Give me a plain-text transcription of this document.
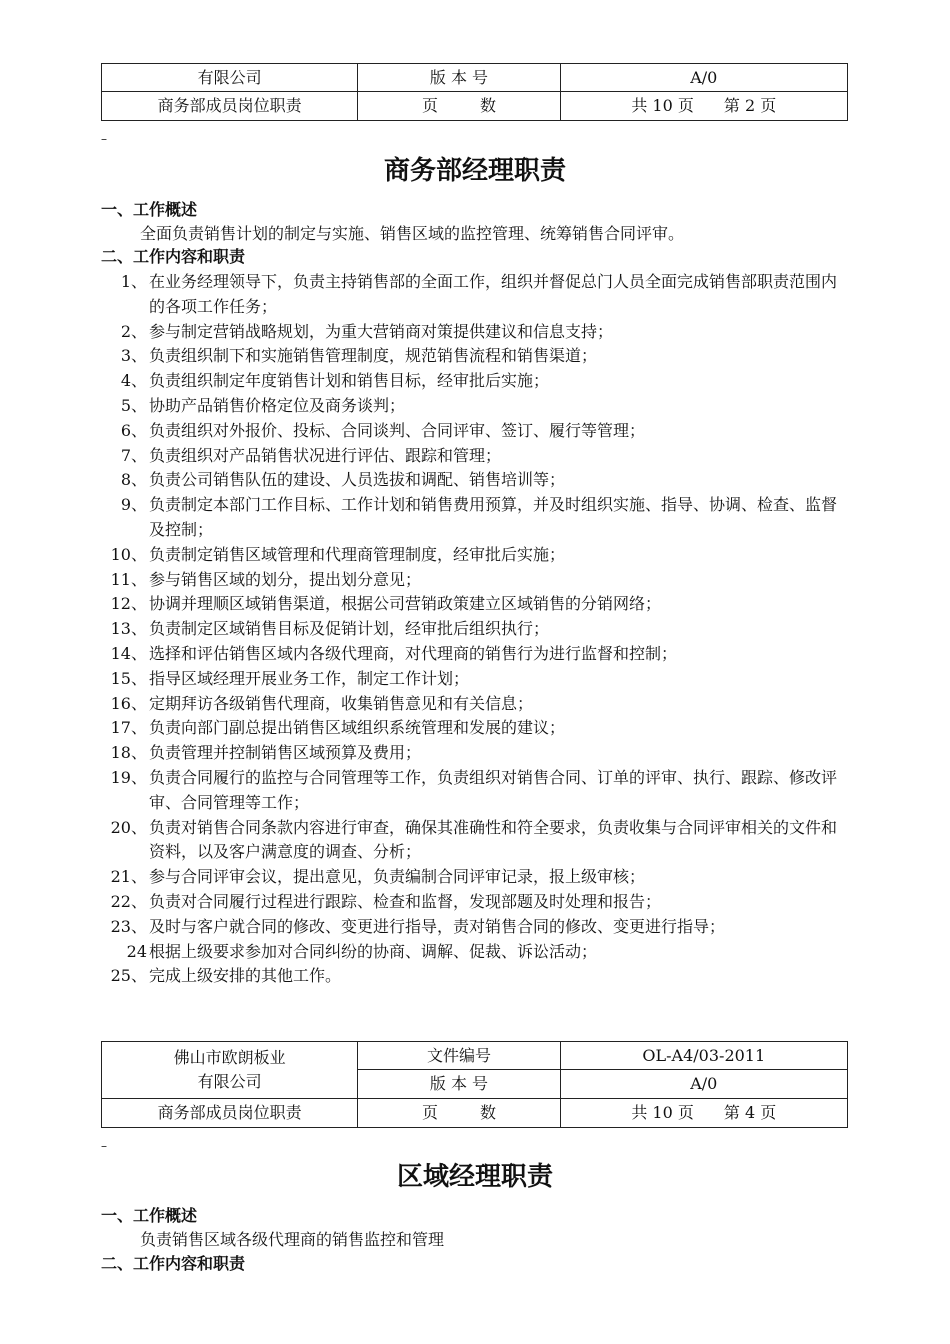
有限公司	版 本 号	A/0
商务部成员岗位职责	页 数	共 10 页 第 2 页
–
商务部经理职责
一、工作概述
全面负责销售计划的制定与实施、销售区域的监控管理、统筹销售合同评审。
二、工作内容和职责
1、 在业务经理领导下，负责主持销售部的全面工作，组织并督促总门人员全面完成销售部职责范围内的各项工作任务；
2、 参与制定营销战略规划，为重大营销商对策提供建议和信息支持；
3、 负责组织制下和实施销售管理制度，规范销售流程和销售渠道；
4、 负责组织制定年度销售计划和销售目标，经审批后实施；
5、 协助产品销售价格定位及商务谈判；
6、 负责组织对外报价、投标、合同谈判、合同评审、签订、履行等管理；
7、 负责组织对产品销售状况进行评估、跟踪和管理；
8、 负责公司销售队伍的建设、人员选拔和调配、销售培训等；
9、 负责制定本部门工作目标、工作计划和销售费用预算，并及时组织实施、指导、协调、检查、监督及控制；
10、 负责制定销售区域管理和代理商管理制度，经审批后实施；
11、 参与销售区域的划分，提出划分意见；
12、 协调并理顺区域销售渠道，根据公司营销政策建立区域销售的分销网络；
13、 负责制定区域销售目标及促销计划，经审批后组织执行；
14、 选择和评估销售区域内各级代理商，对代理商的销售行为进行监督和控制；
15、 指导区域经理开展业务工作，制定工作计划；
16、 定期拜访各级销售代理商，收集销售意见和有关信息；
17、 负责向部门副总提出销售区域组织系统管理和发展的建议；
18、 负责管理并控制销售区域预算及费用；
19、 负责合同履行的监控与合同管理等工作，负责组织对销售合同、订单的评审、执行、跟踪、修改评审、合同管理等工作；
20、 负责对销售合同条款内容进行审查，确保其准确性和符全要求，负责收集与合同评审相关的文件和资料，以及客户满意度的调查、分析；
21、 参与合同评审会议，提出意见，负责编制合同评审记录，报上级审核；
22、 负责对合同履行过程进行跟踪、检查和监督，发现部题及时处理和报告；
23、 及时与客户就合同的修改、变更进行指导，责对销售合同的修改、变更进行指导；
24 根据上级要求参加对合同纠纷的协商、调解、促裁、诉讼活动；
25、 完成上级安排的其他工作。
佛山市欧朗板业
有限公司	文件编号	OL-A4/03-2011
	版 本 号	A/0
商务部成员岗位职责	页 数	共 10 页 第 4 页
–
区域经理职责
一、工作概述
负责销售区域各级代理商的销售监控和管理
二、工作内容和职责
